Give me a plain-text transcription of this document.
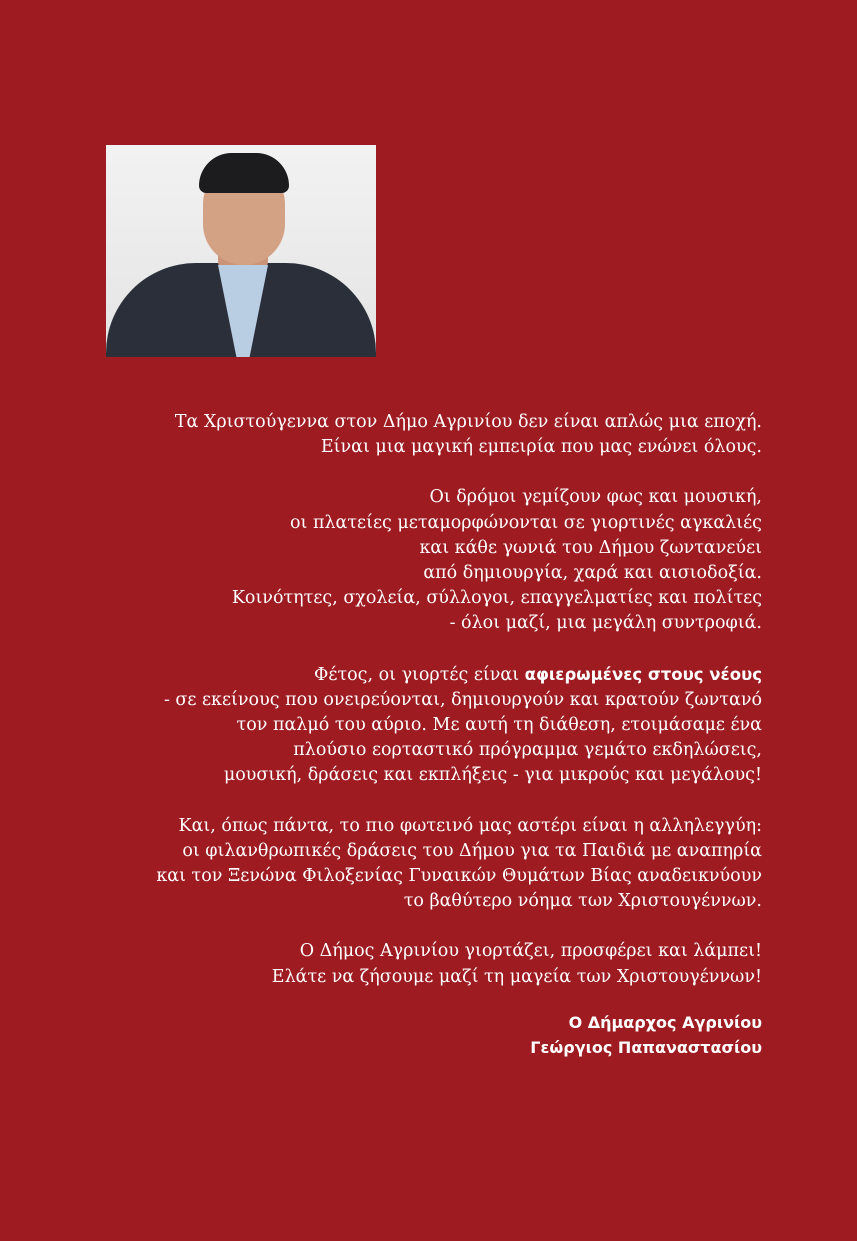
Τα Χριστούγεννα στον Δήμο Αγρινίου δεν είναι απλώς μια εποχή.
Είναι μια μαγική εμπειρία που μας ενώνει όλους.
Οι δρόμοι γεμίζουν φως και μουσική,
οι πλατείες μεταμορφώνονται σε γιορτινές αγκαλιές
και κάθε γωνιά του Δήμου ζωντανεύει
από δημιουργία, χαρά και αισιοδοξία.
Κοινότητες, σχολεία, σύλλογοι, επαγγελματίες και πολίτες
- όλοι μαζί, μια μεγάλη συντροφιά.
Φέτος, οι γιορτές είναι αφιερωμένες στους νέους
- σε εκείνους που ονειρεύονται, δημιουργούν και κρατούν ζωντανό
τον παλμό του αύριο. Με αυτή τη διάθεση, ετοιμάσαμε ένα
πλούσιο εορταστικό πρόγραμμα γεμάτο εκδηλώσεις,
μουσική, δράσεις και εκπλήξεις - για μικρούς και μεγάλους!
Και, όπως πάντα, το πιο φωτεινό μας αστέρι είναι η αλληλεγγύη:
οι φιλανθρωπικές δράσεις του Δήμου για τα Παιδιά με αναπηρία
και τον Ξενώνα Φιλοξενίας Γυναικών Θυμάτων Βίας αναδεικνύουν
το βαθύτερο νόημα των Χριστουγέννων.
Ο Δήμος Αγρινίου γιορτάζει, προσφέρει και λάμπει!
Ελάτε να ζήσουμε μαζί τη μαγεία των Χριστουγέννων!
Ο Δήμαρχος Αγρινίου
Γεώργιος Παπαναστασίου
